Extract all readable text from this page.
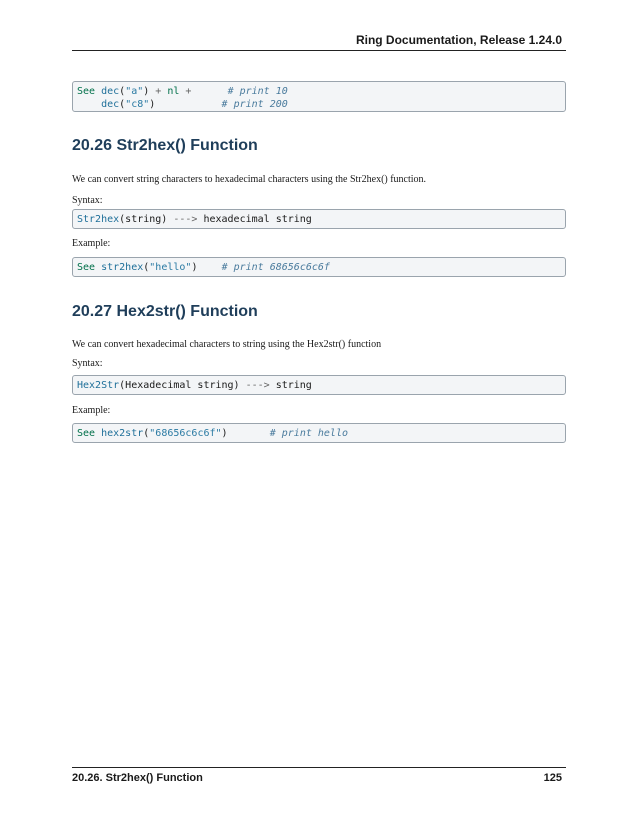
Ring Documentation, Release 1.24.0
See dec("a") + nl +	# print 10
dec("c8")	# print 200
20.26 Str2hex() Function
We can convert string characters to hexadecimal characters using the Str2hex() function.
Syntax:
Str2hex(string) ---> hexadecimal string
Example:
See str2hex("hello") # print 68656c6c6f
20.27 Hex2str() Function
We can convert hexadecimal characters to string using the Hex2str() function
Syntax:
Hex2Str(Hexadecimal string) ---> string
Example:
See hex2str("68656c6c6f")	# print hello
20.26. Str2hex() Function	125
